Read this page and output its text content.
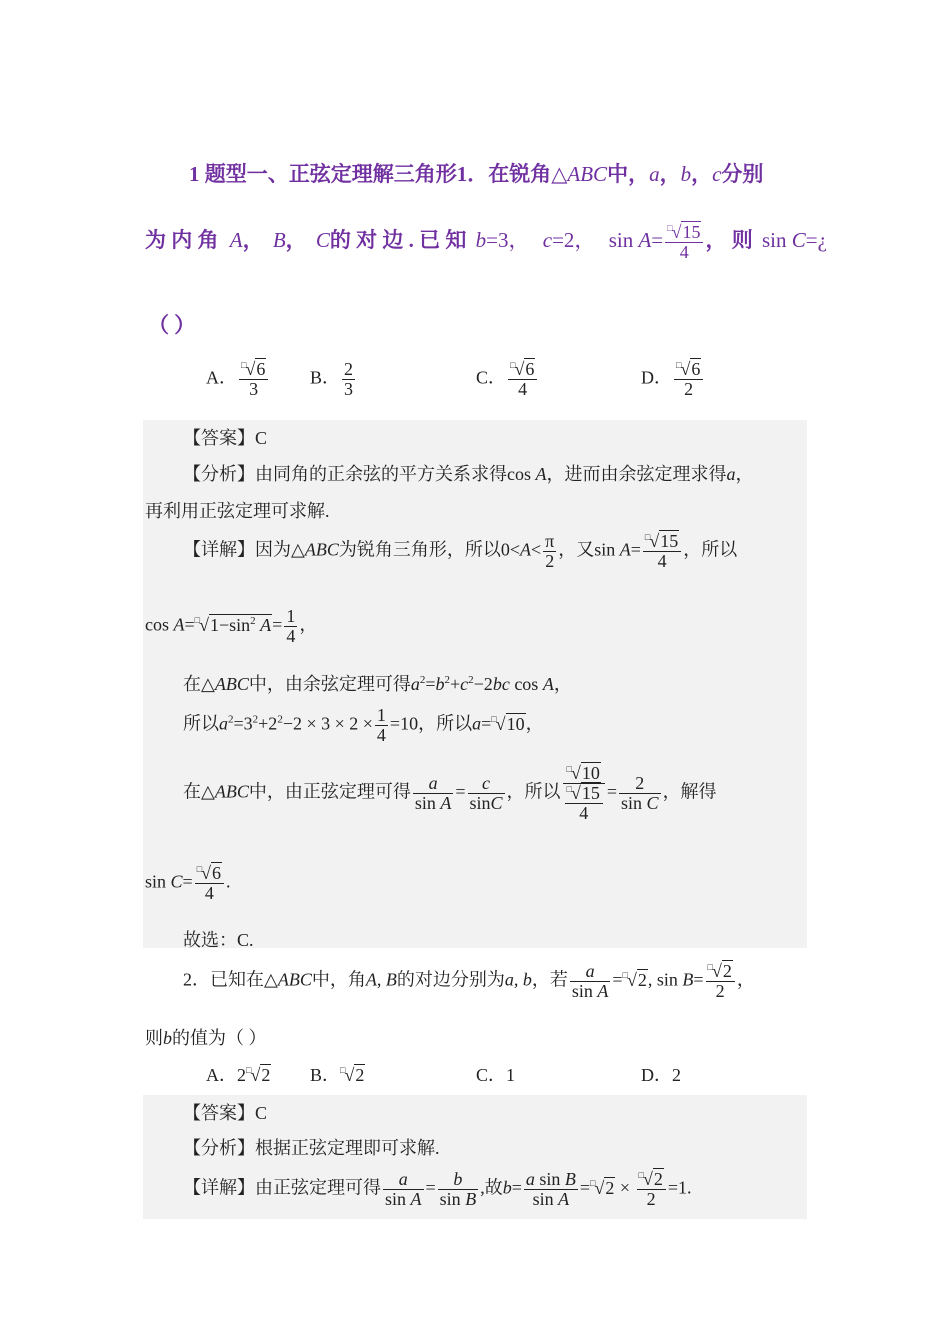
1 题型一、正弦定理解三角形1．在锐角△ABC中，a，b，c分别
为 内 角 A， B， C的 对 边 . 已 知 b=3， c=2， $\sin A= \frac{^□√15}{4}$ ， 则 sin C=¿
（ ）
A． $\frac{^□√6}{3}$ B． $\frac{2}{3}$	C． $\frac{^□√6}{4}$	D． $\frac{^□√6}{2}$
【答案】C
【分析】由同角的正余弦的平方关系求得cos A，进而由余弦定理求得a，
再利用正弦定理可求解.
【详解】因为△ABC为锐角三角形，所以$0<A< \frac{\pi}{2}$ ，又$\sin A= \frac{^□√15}{4}$ ，所以
$\cos A=^□√1-\sin^2$ $A= \frac{1}{4}$ ，
在△ABC中，由余弦定理可得$a^2=b^2+c^2-2bc$ cos A，
所以$a^2=3^2+2^2-2 \times 3 \times 2 \times \frac{1}{4} =10$，所以a=□√10，
在△ABC中，由正弦定理可得 $\frac{a}{\text{sin A}} = \frac{c}{\sin C}$ ，所以 $\frac{^□√10}{\frac{^□√15}{4}} = \frac{2}{\text{sin C}}$ ，解得
$\sin C= \frac{^□√6}{4}$ .
故选：C.
2．已知在△ABC中，角A, B的对边分别为a, b，若 $\frac{a}{\text{sin A}} =^□√2$, $\sin B= \frac{^□√2}{2}$ ，
则b的值为（ ）
A．2□√2 B．□√2	C．1	D．2
【答案】C
【分析】根据正弦定理即可求解.
【详解】由正弦定理可得 $\frac{a}{\text{sin A}} = \frac{b}{\text{sin B}}$ ,故$b= \frac{\text{a sin B}}{\text{sin A}} =^□√2 \times \frac{^□√2}{2} =1$.
